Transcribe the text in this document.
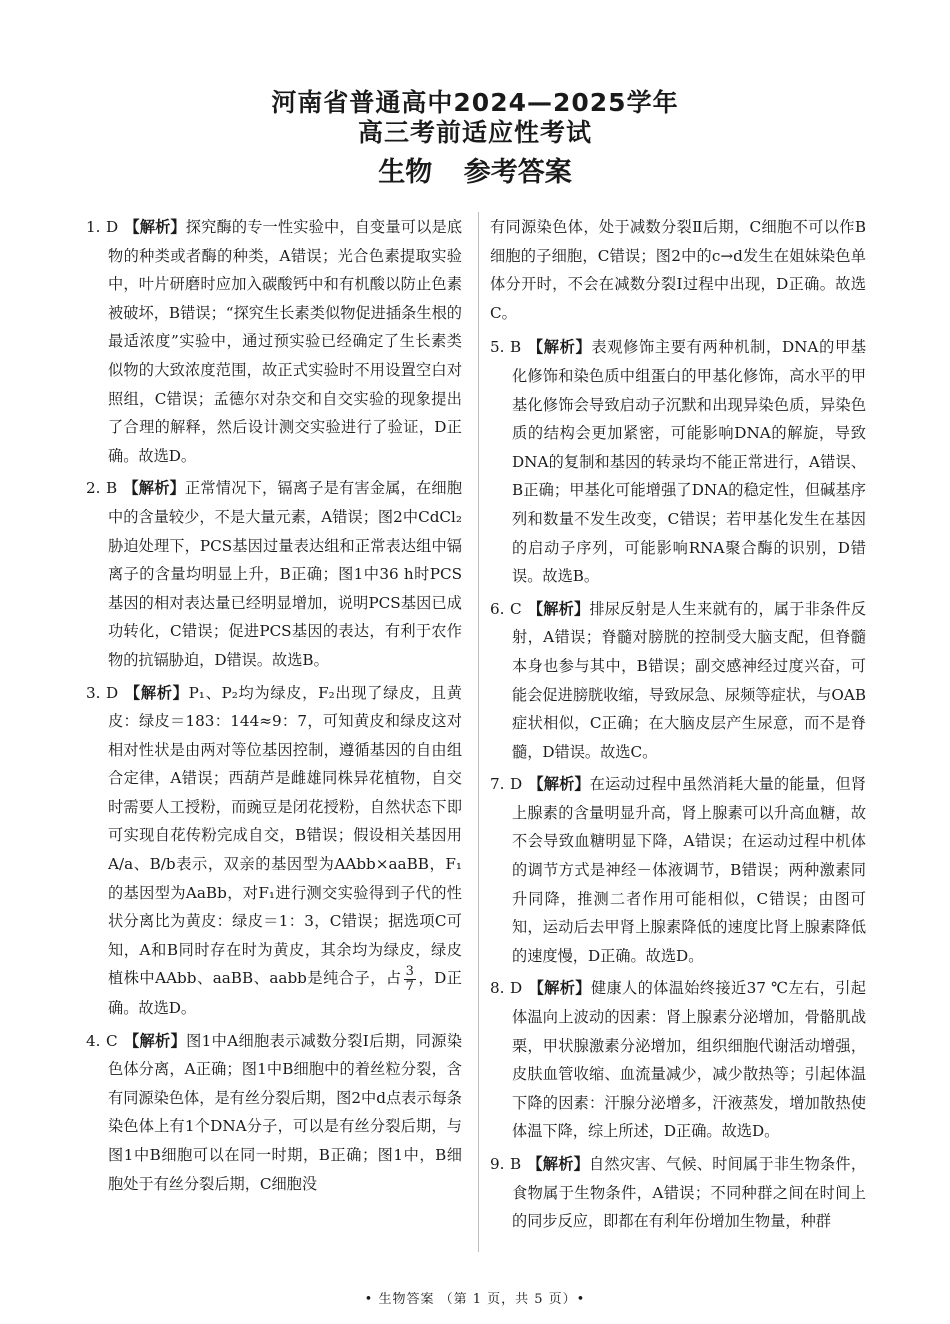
河南省普通高中2024—2025学年
高三考前适应性考试
生物 参考答案
1. D 【解析】探究酶的专一性实验中，自变量可以是底物的种类或者酶的种类，A错误；光合色素提取实验中，叶片研磨时应加入碳酸钙中和有机酸以防止色素被破坏，B错误；“探究生长素类似物促进插条生根的最适浓度”实验中，通过预实验已经确定了生长素类似物的大致浓度范围，故正式实验时不用设置空白对照组，C错误；孟德尔对杂交和自交实验的现象提出了合理的解释，然后设计测交实验进行了验证，D正确。故选D。
2. B 【解析】正常情况下，镉离子是有害金属，在细胞中的含量较少，不是大量元素，A错误；图2中CdCl₂胁迫处理下，PCS基因过量表达组和正常表达组中镉离子的含量均明显上升，B正确；图1中36 h时PCS基因的相对表达量已经明显增加，说明PCS基因已成功转化，C错误；促进PCS基因的表达，有利于农作物的抗镉胁迫，D错误。故选B。
3. D 【解析】P₁、P₂均为绿皮，F₂出现了绿皮，且黄皮：绿皮＝183：144≈9：7，可知黄皮和绿皮这对相对性状是由两对等位基因控制，遵循基因的自由组合定律，A错误；西葫芦是雌雄同株异花植物，自交时需要人工授粉，而豌豆是闭花授粉，自然状态下即可实现自花传粉完成自交，B错误；假设相关基因用A/a、B/b表示，双亲的基因型为AAbb×aaBB，F₁的基因型为AaBb，对F₁进行测交实验得到子代的性状分离比为黄皮：绿皮＝1：3，C错误；据选项C可知，A和B同时存在时为黄皮，其余均为绿皮，绿皮植株中AAbb、aaBB、aabb是纯合子，占 $\frac{3}{7}$ ，D正确。故选D。
4. C 【解析】图1中A细胞表示减数分裂Ⅰ后期，同源染色体分离，A正确；图1中B细胞中的着丝粒分裂，含有同源染色体，是有丝分裂后期，图2中d点表示每条染色体上有1个DNA分子，可以是有丝分裂后期，与图1中B细胞可以在同一时期，B正确；图1中，B细胞处于有丝分裂后期，C细胞没
有同源染色体，处于减数分裂Ⅱ后期，C细胞不可以作B细胞的子细胞，C错误；图2中的c→d发生在姐妹染色单体分开时，不会在减数分裂Ⅰ过程中出现，D正确。故选C。
5. B 【解析】表观修饰主要有两种机制，DNA的甲基化修饰和染色质中组蛋白的甲基化修饰，高水平的甲基化修饰会导致启动子沉默和出现异染色质，异染色质的结构会更加紧密，可能影响DNA的解旋，导致DNA的复制和基因的转录均不能正常进行，A错误、B正确；甲基化可能增强了DNA的稳定性，但碱基序列和数量不发生改变，C错误；若甲基化发生在基因的启动子序列，可能影响RNA聚合酶的识别，D错误。故选B。
6. C 【解析】排尿反射是人生来就有的，属于非条件反射，A错误；脊髓对膀胱的控制受大脑支配，但脊髓本身也参与其中，B错误；副交感神经过度兴奋，可能会促进膀胱收缩，导致尿急、尿频等症状，与OAB症状相似，C正确；在大脑皮层产生尿意，而不是脊髓，D错误。故选C。
7. D 【解析】在运动过程中虽然消耗大量的能量，但肾上腺素的含量明显升高，肾上腺素可以升高血糖，故不会导致血糖明显下降，A错误；在运动过程中机体的调节方式是神经－体液调节，B错误；两种激素同升同降，推测二者作用可能相似，C错误；由图可知，运动后去甲肾上腺素降低的速度比肾上腺素降低的速度慢，D正确。故选D。
8. D 【解析】健康人的体温始终接近37 ℃左右，引起体温向上波动的因素：肾上腺素分泌增加，骨骼肌战栗，甲状腺激素分泌增加，组织细胞代谢活动增强，皮肤血管收缩、血流量减少，减少散热等；引起体温下降的因素：汗腺分泌增多，汗液蒸发，增加散热使体温下降，综上所述，D正确。故选D。
9. B 【解析】自然灾害、气候、时间属于非生物条件，食物属于生物条件，A错误；不同种群之间在时间上的同步反应，即都在有利年份增加生物量，种群
• 生物答案 （第 1 页，共 5 页）•
